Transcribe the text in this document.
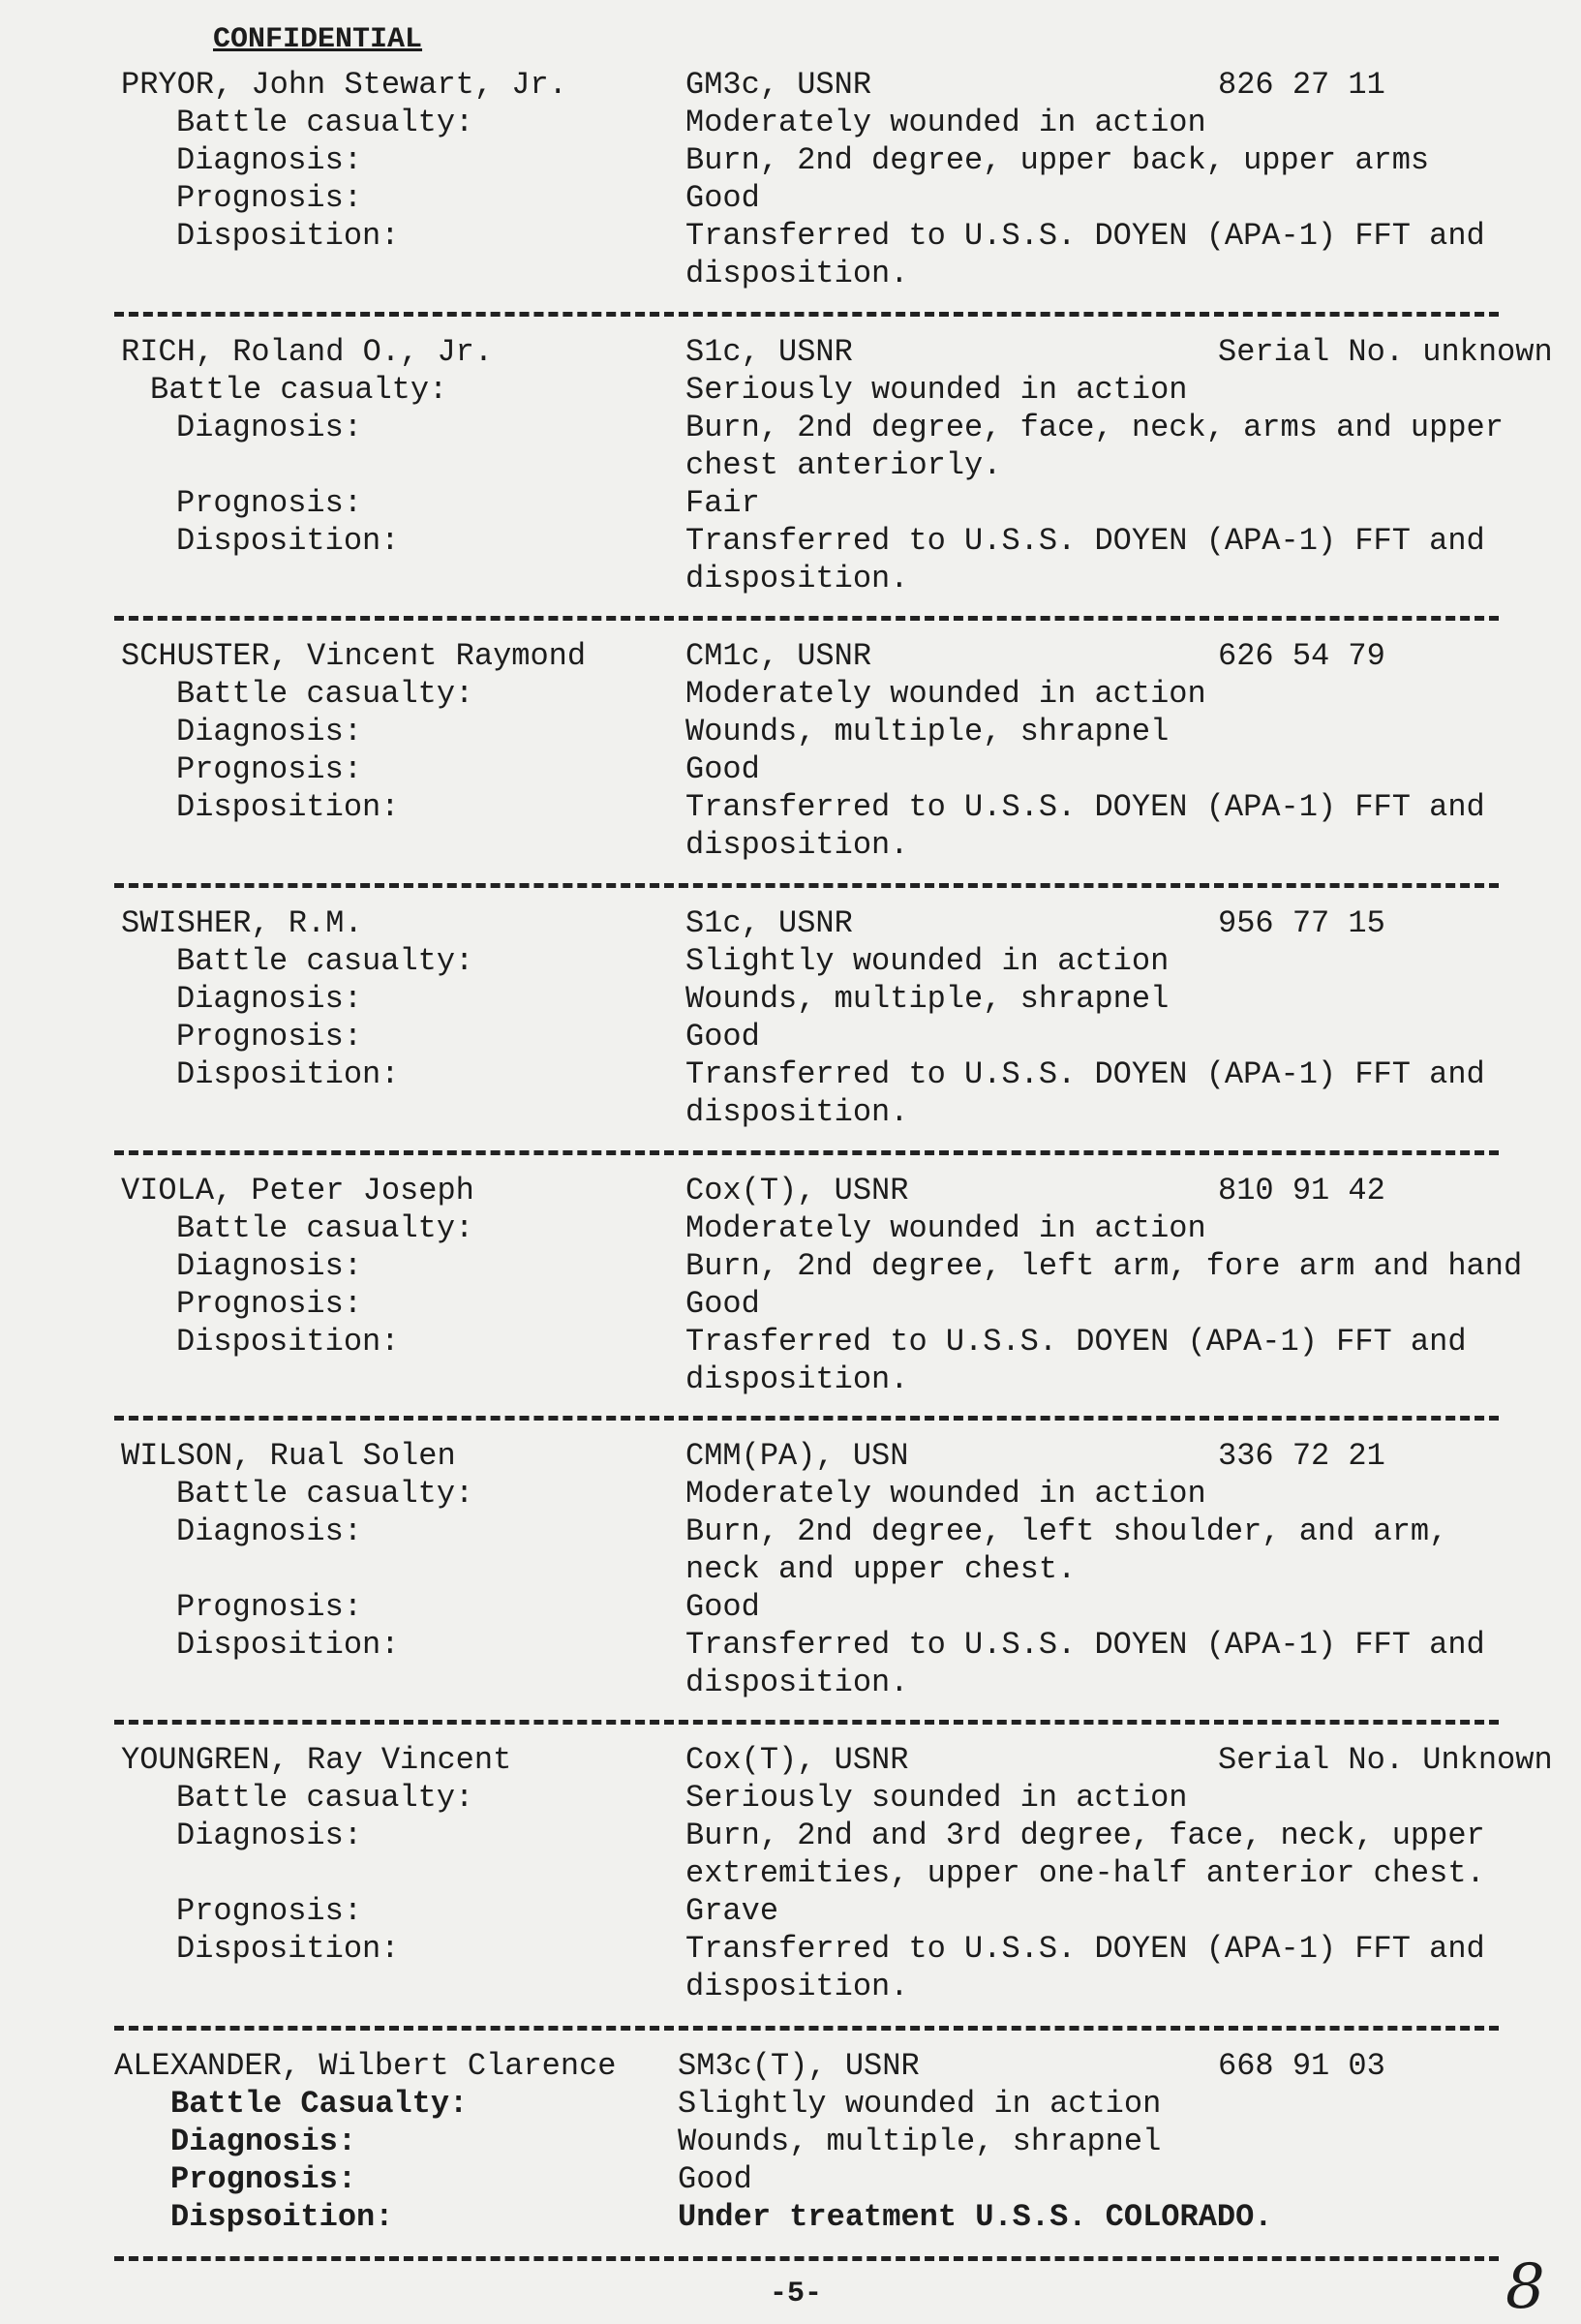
CONFIDENTIAL
PRYOR, John Stewart, Jr.	GM3c, USNR	826 27 11
Battle casualty:	Moderately wounded in action
Diagnosis:	Burn, 2nd degree, upper back, upper arms
Prognosis:	Good
Disposition:	Transferred to U.S.S. DOYEN (APA-1) FFT and
disposition.
RICH, Roland O., Jr.	S1c, USNR	Serial No. unknown
Battle casualty:	Seriously wounded in action
Diagnosis:	Burn, 2nd degree, face, neck, arms and upper
chest anteriorly.
Prognosis:	Fair
Disposition:	Transferred to U.S.S. DOYEN (APA-1) FFT and
disposition.
SCHUSTER, Vincent Raymond	CM1c, USNR	626 54 79
Battle casualty:	Moderately wounded in action
Diagnosis:	Wounds, multiple, shrapnel
Prognosis:	Good
Disposition:	Transferred to U.S.S. DOYEN (APA-1) FFT and
disposition.
SWISHER, R.M.	S1c, USNR	956 77 15
Battle casualty:	Slightly wounded in action
Diagnosis:	Wounds, multiple, shrapnel
Prognosis:	Good
Disposition:	Transferred to U.S.S. DOYEN (APA-1) FFT and
disposition.
VIOLA, Peter Joseph	Cox(T), USNR	810 91 42
Battle casualty:	Moderately wounded in action
Diagnosis:	Burn, 2nd degree, left arm, fore arm and hand
Prognosis:	Good
Disposition:	Trasferred to U.S.S. DOYEN (APA-1) FFT and
disposition.
WILSON, Rual Solen	CMM(PA), USN	336 72 21
Battle casualty:	Moderately wounded in action
Diagnosis:	Burn, 2nd degree, left shoulder, and arm,
neck and upper chest.
Prognosis:	Good
Disposition:	Transferred to U.S.S. DOYEN (APA-1) FFT and
disposition.
YOUNGREN, Ray Vincent	Cox(T), USNR	Serial No. Unknown
Battle casualty:	Seriously sounded in action
Diagnosis:	Burn, 2nd and 3rd degree, face, neck, upper
extremities, upper one-half anterior chest.
Prognosis:	Grave
Disposition:	Transferred to U.S.S. DOYEN (APA-1) FFT and
disposition.
ALEXANDER, Wilbert Clarence SM3c(T), USNR	668 91 03
Battle Casualty:	Slightly wounded in action
Diagnosis:	Wounds, multiple, shrapnel
Prognosis:	Good
Dispsoition:	Under treatment U.S.S. COLORADO.
-5-	8
